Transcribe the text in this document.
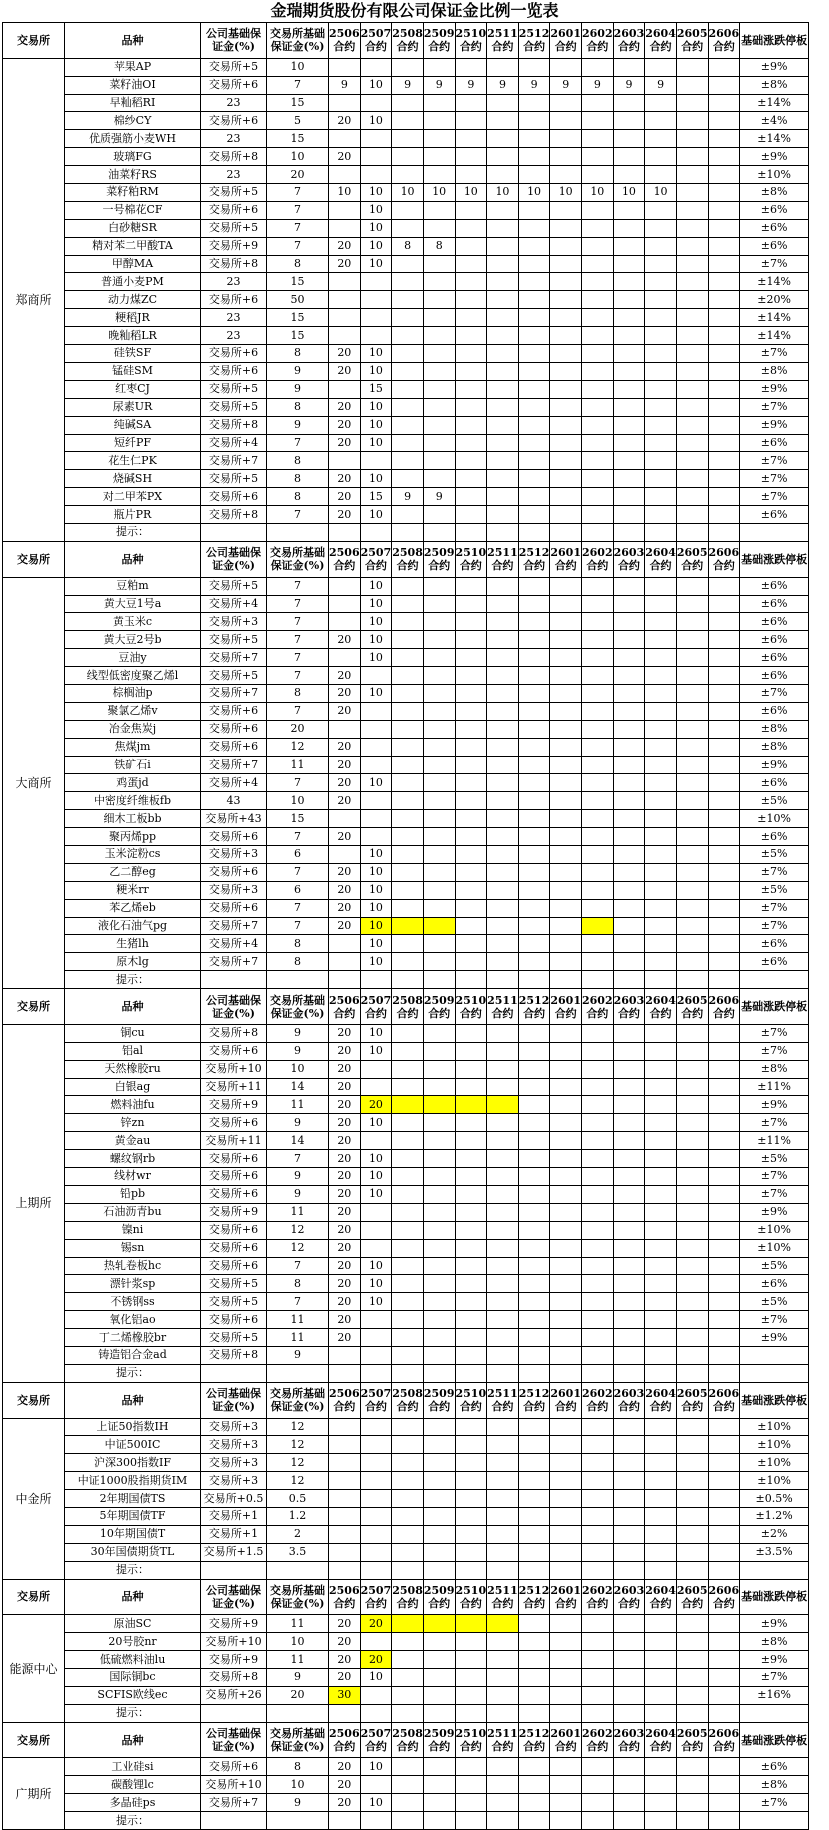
金瑞期货股份有限公司保证金比例一览表
交易所	品种	公司基础保证金(%)	交易所基础保证金(%)	2506合约	2507合约	2508合约	2509合约	2510合约	2511合约	2512合约	2601合约	2602合约	2603合约	2604合约	2605合约	2606合约	基础涨跌停板
郑商所	苹果AP	交易所+5	10														±9%
	菜籽油OI	交易所+6	7	9	10	9	9	9	9	9	9	9	9	9			±8%
	早籼稻RI	23	15														±14%
	棉纱CY	交易所+6	5	20	10												±4%
	优质强筋小麦WH	23	15														±14%
	玻璃FG	交易所+8	10	20													±9%
	油菜籽RS	23	20														±10%
	菜籽粕RM	交易所+5	7	10	10	10	10	10	10	10	10	10	10	10			±8%
	一号棉花CF	交易所+6	7		10												±6%
	白砂糖SR	交易所+5	7		10												±6%
	精对苯二甲酸TA	交易所+9	7	20	10	8	8										±6%
	甲醇MA	交易所+8	8	20	10												±7%
	普通小麦PM	23	15														±14%
	动力煤ZC	交易所+6	50														±20%
	粳稻JR	23	15														±14%
	晚籼稻LR	23	15														±14%
	硅铁SF	交易所+6	8	20	10												±7%
	锰硅SM	交易所+6	9	20	10												±8%
	红枣CJ	交易所+5	9		15												±9%
	尿素UR	交易所+5	8	20	10												±7%
	纯碱SA	交易所+8	9	20	10												±9%
	短纤PF	交易所+4	7	20	10												±6%
	花生仁PK	交易所+7	8														±7%
	烧碱SH	交易所+5	8	20	10												±7%
	对二甲苯PX	交易所+6	8	20	15	9	9										±7%
	瓶片PR	交易所+8	7	20	10												±6%
	提示：																
交易所	品种	公司基础保证金(%)	交易所基础保证金(%)	2506合约	2507合约	2508合约	2509合约	2510合约	2511合约	2512合约	2601合约	2602合约	2603合约	2604合约	2605合约	2606合约	基础涨跌停板
大商所	豆粕m	交易所+5	7		10												±6%
	黄大豆1号a	交易所+4	7		10												±6%
	黄玉米c	交易所+3	7		10												±6%
	黄大豆2号b	交易所+5	7	20	10												±6%
	豆油y	交易所+7	7		10												±6%
	线型低密度聚乙烯l	交易所+5	7	20													±6%
	棕榈油p	交易所+7	8	20	10												±7%
	聚氯乙烯v	交易所+6	7	20													±6%
	冶金焦炭j	交易所+6	20														±8%
	焦煤jm	交易所+6	12	20													±8%
	铁矿石i	交易所+7	11	20													±9%
	鸡蛋jd	交易所+4	7	20	10												±6%
	中密度纤维板fb	43	10	20													±5%
	细木工板bb	交易所+43	15														±10%
	聚丙烯pp	交易所+6	7	20													±6%
	玉米淀粉cs	交易所+3	6		10												±5%
	乙二醇eg	交易所+6	7	20	10												±7%
	粳米rr	交易所+3	6	20	10												±5%
	苯乙烯eb	交易所+6	7	20	10												±7%
	液化石油气pg	交易所+7	7	20	10												±7%
	生猪lh	交易所+4	8		10												±6%
	原木lg	交易所+7	8		10												±6%
	提示：																
交易所	品种	公司基础保证金(%)	交易所基础保证金(%)	2506合约	2507合约	2508合约	2509合约	2510合约	2511合约	2512合约	2601合约	2602合约	2603合约	2604合约	2605合约	2606合约	基础涨跌停板
上期所	铜cu	交易所+8	9	20	10												±7%
	铝al	交易所+6	9	20	10												±7%
	天然橡胶ru	交易所+10	10	20													±8%
	白银ag	交易所+11	14	20													±11%
	燃料油fu	交易所+9	11	20	20												±9%
	锌zn	交易所+6	9	20	10												±7%
	黄金au	交易所+11	14	20													±11%
	螺纹钢rb	交易所+6	7	20	10												±5%
	线材wr	交易所+6	9	20	10												±7%
	铅pb	交易所+6	9	20	10												±7%
	石油沥青bu	交易所+9	11	20													±9%
	镍ni	交易所+6	12	20													±10%
	锡sn	交易所+6	12	20													±10%
	热轧卷板hc	交易所+6	7	20	10												±5%
	漂针浆sp	交易所+5	8	20	10												±6%
	不锈钢ss	交易所+5	7	20	10												±5%
	氧化铝ao	交易所+6	11	20													±7%
	丁二烯橡胶br	交易所+5	11	20													±9%
	铸造铝合金ad	交易所+8	9														
	提示：																
交易所	品种	公司基础保证金(%)	交易所基础保证金(%)	2506合约	2507合约	2508合约	2509合约	2510合约	2511合约	2512合约	2601合约	2602合约	2603合约	2604合约	2605合约	2606合约	基础涨跌停板
中金所	上证50指数IH	交易所+3	12														±10%
	中证500IC	交易所+3	12														±10%
	沪深300指数IF	交易所+3	12														±10%
	中证1000股指期货IM	交易所+3	12														±10%
	2年期国债TS	交易所+0.5	0.5														±0.5%
	5年期国债TF	交易所+1	1.2														±1.2%
	10年期国债T	交易所+1	2														±2%
	30年国债期货TL	交易所+1.5	3.5														±3.5%
	提示：																
交易所	品种	公司基础保证金(%)	交易所基础保证金(%)	2506合约	2507合约	2508合约	2509合约	2510合约	2511合约	2512合约	2601合约	2602合约	2603合约	2604合约	2605合约	2606合约	基础涨跌停板
能源中心	原油SC	交易所+9	11	20	20												±9%
	20号胶nr	交易所+10	10	20													±8%
	低硫燃料油lu	交易所+9	11	20	20												±9%
	国际铜bc	交易所+8	9	20	10												±7%
	SCFIS欧线ec	交易所+26	20	30													±16%
	提示：																
交易所	品种	公司基础保证金(%)	交易所基础保证金(%)	2506合约	2507合约	2508合约	2509合约	2510合约	2511合约	2512合约	2601合约	2602合约	2603合约	2604合约	2605合约	2606合约	基础涨跌停板
广期所	工业硅si	交易所+6	8	20	10												±6%
	碳酸锂lc	交易所+10	10	20													±8%
	多晶硅ps	交易所+7	9	20	10												±7%
	提示：																
